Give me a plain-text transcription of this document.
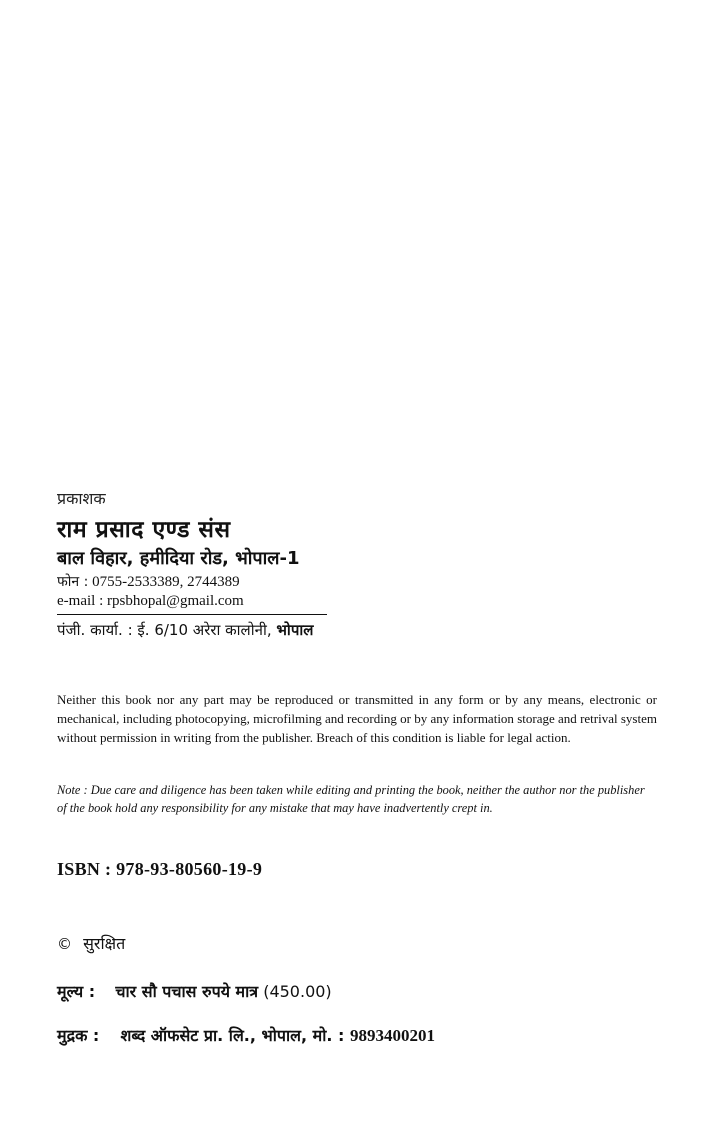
प्रकाशक
राम प्रसाद एण्ड संस
बाल विहार, हमीदिया रोड, भोपाल-1
फोन : 0755-2533389, 2744389
e-mail : rpsbhopal@gmail.com
पंजी. कार्या. : ई. 6/10 अरेरा कालोनी, भोपाल
Neither this book nor any part may be reproduced or transmitted in any form or by any means, electronic or mechanical, including photocopying, microfilming and recording or by any information storage and retrival system without permission in writing from the publisher. Breach of this condition is liable for legal action.
Note : Due care and diligence has been taken while editing and printing the book, neither the author nor the publisher of the book hold any responsibility for any mistake that may have inadvertently crept in.
ISBN : 978-93-80560-19-9
© सुरक्षित
मूल्य : चार सौ पचास रुपये मात्र (450.00)
मुद्रक : शब्द ऑफसेट प्रा. लि., भोपाल, मो. : 9893400201
